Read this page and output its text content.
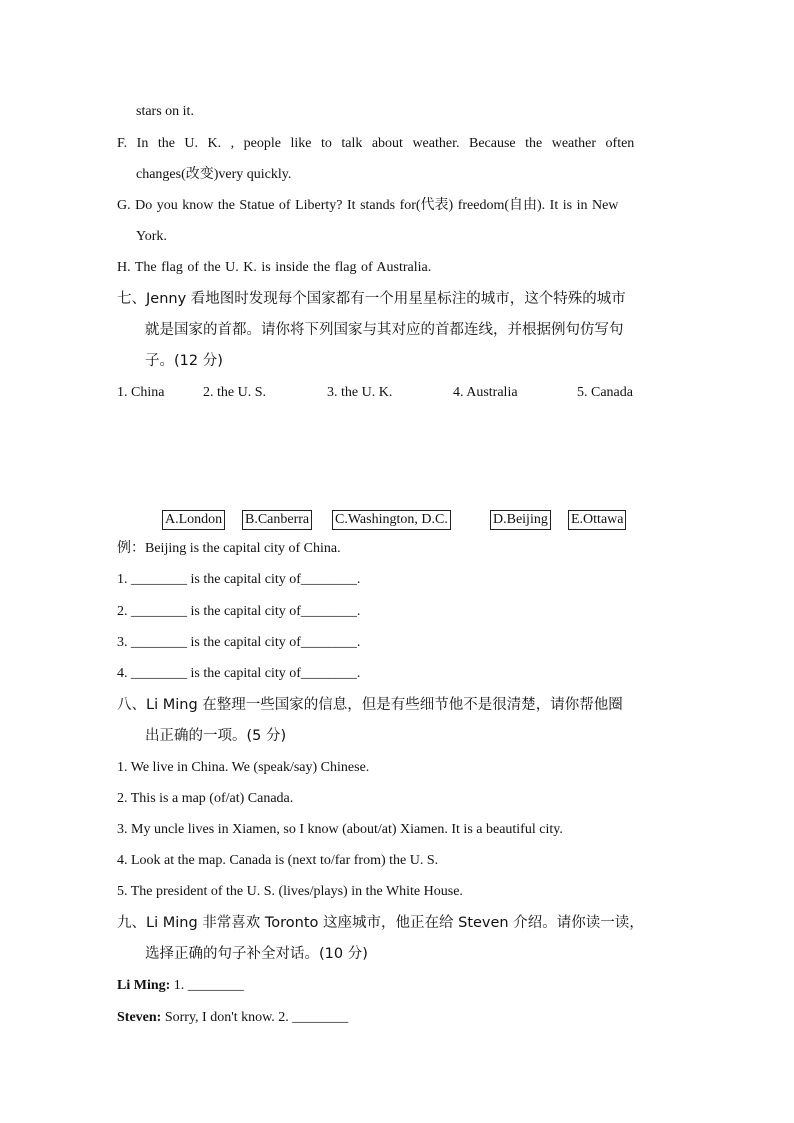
stars on it.
F. In the U. K. , people like to talk about weather. Because the weather often
changes(改变)very quickly.
G. Do you know the Statue of Liberty? It stands for(代表) freedom(自由). It is in New
York.
H. The flag of the U. K. is inside the flag of Australia.
七、Jenny 看地图时发现每个国家都有一个用星星标注的城市，这个特殊的城市
就是国家的首都。请你将下列国家与其对应的首都连线，并根据例句仿写句
子。(12 分)
1. China	2. the U. S.	3. the U. K.	4. Australia	5. Canada
A.London B.Canberra C.Washington, D.C.	D.Beijing E.Ottawa
例：Beijing is the capital city of China.
1. ________ is the capital city of________.
2. ________ is the capital city of________.
3. ________ is the capital city of________.
4. ________ is the capital city of________.
八、Li Ming 在整理一些国家的信息，但是有些细节他不是很清楚，请你帮他圈
出正确的一项。(5 分)
1. We live in China. We (speak/say) Chinese.
2. This is a map (of/at) Canada.
3. My uncle lives in Xiamen, so I know (about/at) Xiamen. It is a beautiful city.
4. Look at the map. Canada is (next to/far from) the U. S.
5. The president of the U. S. (lives/plays) in the White House.
九、Li Ming 非常喜欢 Toronto 这座城市，他正在给 Steven 介绍。请你读一读，
选择正确的句子补全对话。(10 分)
Li Ming: 1. ________
Steven: Sorry, I don't know. 2. ________
